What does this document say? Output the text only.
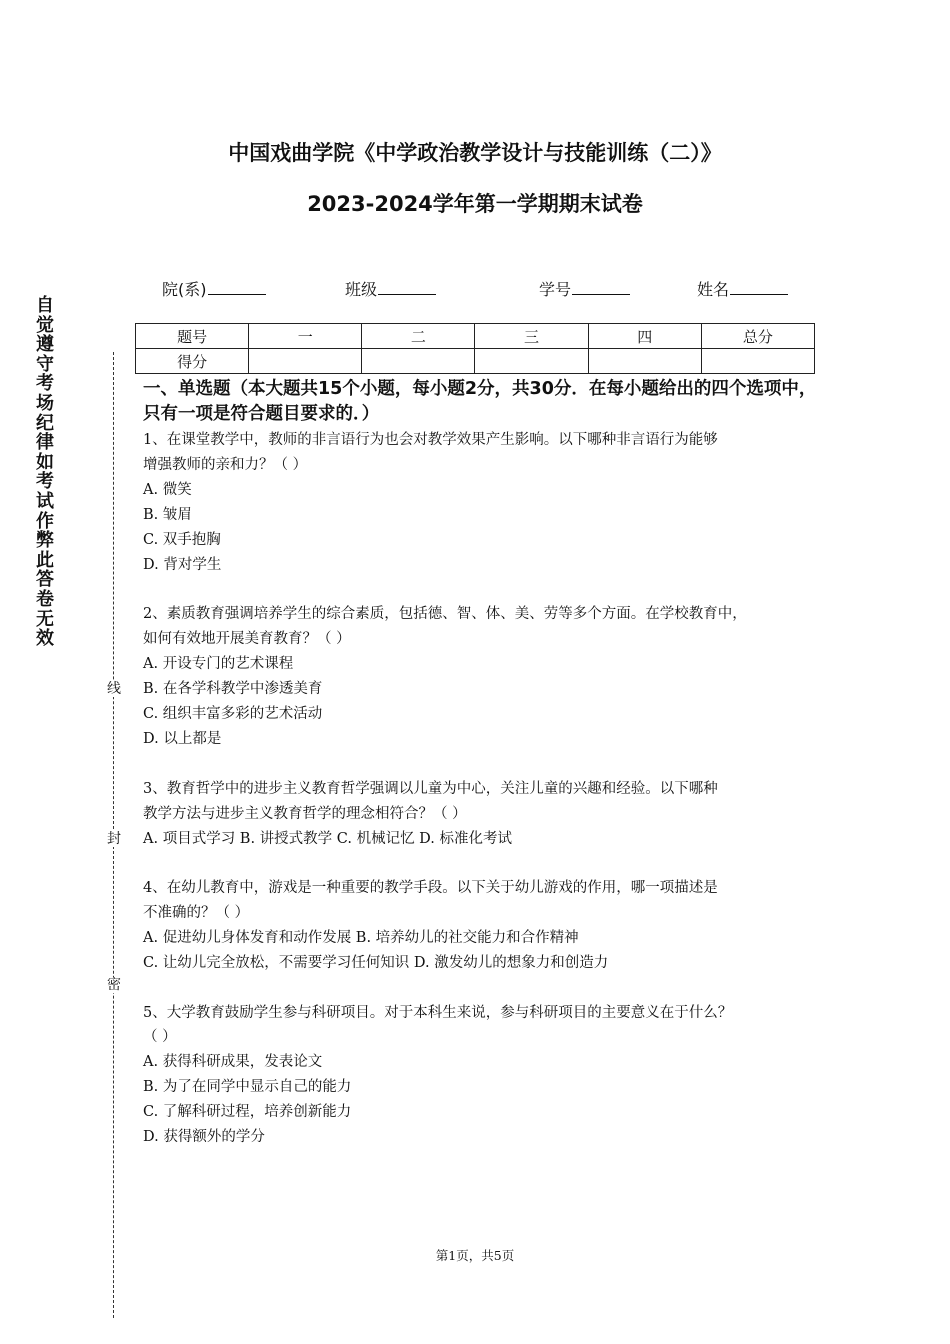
中国戏曲学院《中学政治教学设计与技能训练（二）》
2023-2024学年第一学期期末试卷
自觉遵守考场纪律如考试作弊此答卷无效
线
封
密
院(系)	班级	学号	姓名
题号	一	二	三	四	总分
得分					
一、单选题（本大题共15个小题，每小题2分，共30分．在每小题给出的四个选项中，只有一项是符合题目要求的．）
1、在课堂教学中，教师的非言语行为也会对教学效果产生影响。以下哪种非言语行为能够
增强教师的亲和力？（ ）
A. 微笑
B. 皱眉
C. 双手抱胸
D. 背对学生
2、素质教育强调培养学生的综合素质，包括德、智、体、美、劳等多个方面。在学校教育中，
如何有效地开展美育教育？（ ）
A. 开设专门的艺术课程
B. 在各学科教学中渗透美育
C. 组织丰富多彩的艺术活动
D. 以上都是
3、教育哲学中的进步主义教育哲学强调以儿童为中心，关注儿童的兴趣和经验。以下哪种
教学方法与进步主义教育哲学的理念相符合？（ ）
A. 项目式学习 B. 讲授式教学 C. 机械记忆 D. 标准化考试
4、在幼儿教育中，游戏是一种重要的教学手段。以下关于幼儿游戏的作用，哪一项描述是
不准确的？（ ）
A. 促进幼儿身体发育和动作发展 B. 培养幼儿的社交能力和合作精神
C. 让幼儿完全放松，不需要学习任何知识 D. 激发幼儿的想象力和创造力
5、大学教育鼓励学生参与科研项目。对于本科生来说，参与科研项目的主要意义在于什么？
（ ）
A. 获得科研成果，发表论文
B. 为了在同学中显示自己的能力
C. 了解科研过程，培养创新能力
D. 获得额外的学分
第1页，共5页
